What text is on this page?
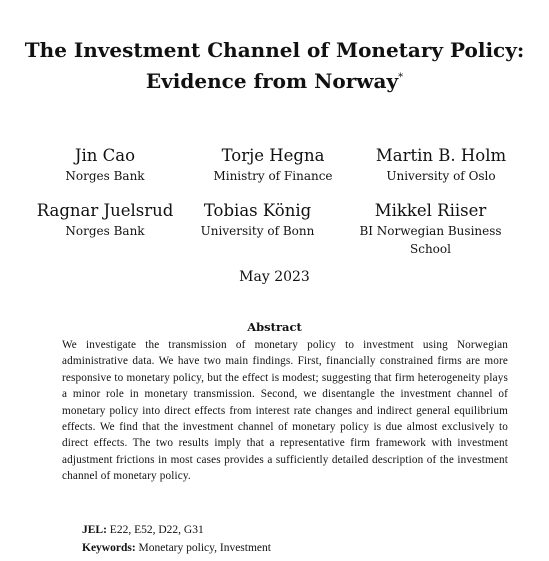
The Investment Channel of Monetary Policy:
Evidence from Norway*
Jin Cao
Norges Bank
Torje Hegna
Ministry of Finance
Martin B. Holm
University of Oslo
Ragnar Juelsrud
Norges Bank
Tobias König
University of Bonn
Mikkel Riiser
BI Norwegian Business School
May 2023
Abstract
We investigate the transmission of monetary policy to investment using Norwegian administrative data. We have two main findings. First, financially constrained firms are more responsive to monetary policy, but the effect is modest; suggesting that firm heterogeneity plays a minor role in monetary transmission. Second, we disentangle the investment channel of monetary policy into direct effects from interest rate changes and indirect general equilibrium effects. We find that the investment channel of monetary policy is due almost exclusively to direct effects. The two results imply that a representative firm framework with investment adjustment frictions in most cases provides a sufficiently detailed description of the investment channel of monetary policy.
JEL: E22, E52, D22, G31
Keywords: Monetary policy, Investment
